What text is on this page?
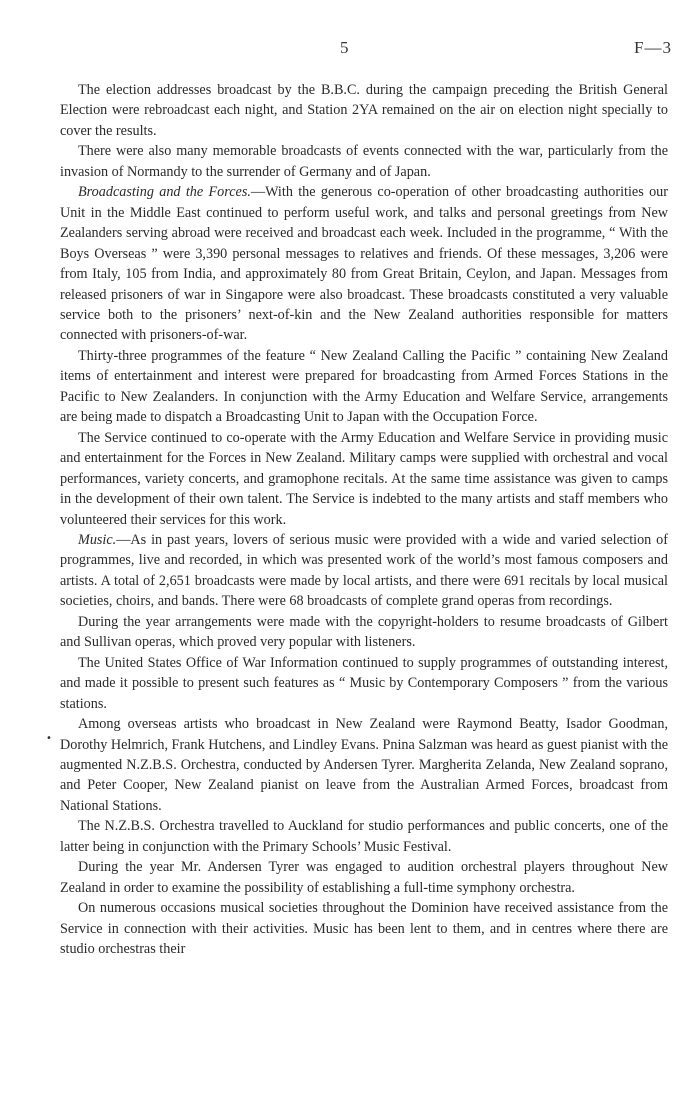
5	F—3

The election addresses broadcast by the B.B.C. during the campaign preceding the British General Election were rebroadcast each night, and Station 2YA remained on the air on election night specially to cover the results.

There were also many memorable broadcasts of events connected with the war, particularly from the invasion of Normandy to the surrender of Germany and of Japan.

Broadcasting and the Forces.—With the generous co-operation of other broadcasting authorities our Unit in the Middle East continued to perform useful work, and talks and personal greetings from New Zealanders serving abroad were received and broadcast each week. Included in the programme, “ With the Boys Overseas ” were 3,390 personal messages to relatives and friends. Of these messages, 3,206 were from Italy, 105 from India, and approximately 80 from Great Britain, Ceylon, and Japan. Messages from released prisoners of war in Singapore were also broadcast. These broadcasts constituted a very valuable service both to the prisoners’ next-of-kin and the New Zealand authorities responsible for matters connected with prisoners-of-war.

Thirty-three programmes of the feature “ New Zealand Calling the Pacific ” containing New Zealand items of entertainment and interest were prepared for broadcasting from Armed Forces Stations in the Pacific to New Zealanders. In conjunction with the Army Education and Welfare Service, arrangements are being made to dispatch a Broadcasting Unit to Japan with the Occupation Force.

The Service continued to co-operate with the Army Education and Welfare Service in providing music and entertainment for the Forces in New Zealand. Military camps were supplied with orchestral and vocal performances, variety concerts, and gramophone recitals. At the same time assistance was given to camps in the development of their own talent. The Service is indebted to the many artists and staff members who volunteered their services for this work.

Music.—As in past years, lovers of serious music were provided with a wide and varied selection of programmes, live and recorded, in which was presented work of the world’s most famous composers and artists. A total of 2,651 broadcasts were made by local artists, and there were 691 recitals by local musical societies, choirs, and bands. There were 68 broadcasts of complete grand operas from recordings.

During the year arrangements were made with the copyright-holders to resume broadcasts of Gilbert and Sullivan operas, which proved very popular with listeners.

The United States Office of War Information continued to supply programmes of outstanding interest, and made it possible to present such features as “ Music by Contemporary Composers ” from the various stations.

Among overseas artists who broadcast in New Zealand were Raymond Beatty, Isador Goodman, Dorothy Helmrich, Frank Hutchens, and Lindley Evans. Pnina Salzman was heard as guest pianist with the augmented N.Z.B.S. Orchestra, conducted by Andersen Tyrer. Margherita Zelanda, New Zealand soprano, and Peter Cooper, New Zealand pianist on leave from the Australian Armed Forces, broadcast from National Stations.

The N.Z.B.S. Orchestra travelled to Auckland for studio performances and public concerts, one of the latter being in conjunction with the Primary Schools’ Music Festival.

During the year Mr. Andersen Tyrer was engaged to audition orchestral players throughout New Zealand in order to examine the possibility of establishing a full-time symphony orchestra.

On numerous occasions musical societies throughout the Dominion have received assistance from the Service in connection with their activities. Music has been lent to them, and in centres where there are studio orchestras their

•
